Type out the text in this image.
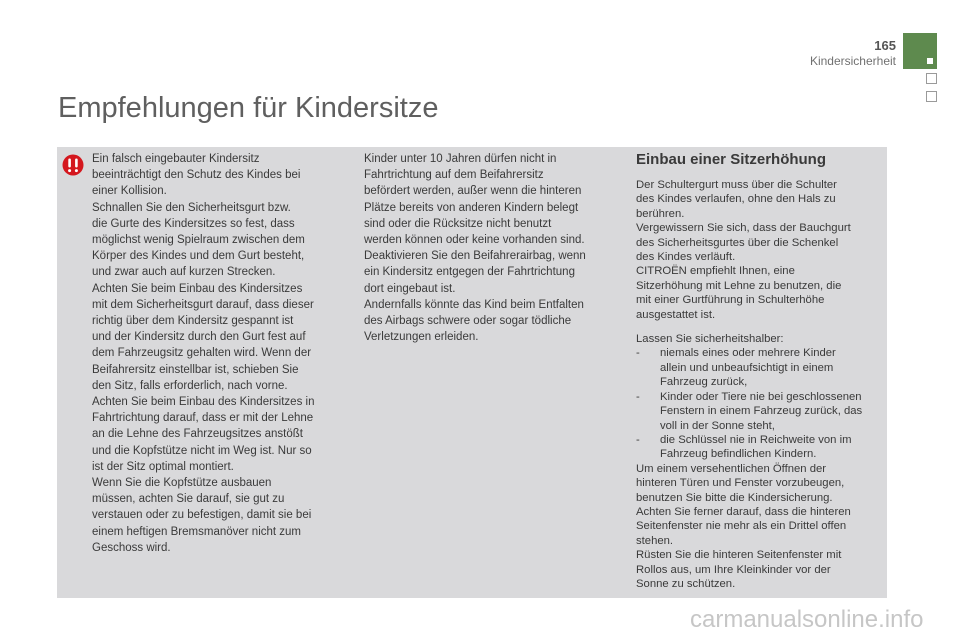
165
Kindersicherheit
Empfehlungen für Kindersitze

Ein falsch eingebauter Kindersitz

beeinträchtigt den Schutz des Kindes bei

einer Kollision.

Schnallen Sie den Sicherheitsgurt bzw.

die Gurte des Kindersitzes so fest, dass

möglichst wenig Spielraum zwischen dem

Körper des Kindes und dem Gurt besteht,

und zwar auch auf kurzen Strecken.

Achten Sie beim Einbau des Kindersitzes

mit dem Sicherheitsgurt darauf, dass dieser

richtig über dem Kindersitz gespannt ist

und der Kindersitz durch den Gurt fest auf

dem Fahrzeugsitz gehalten wird. Wenn der

Beifahrersitz einstellbar ist, schieben Sie

den Sitz, falls erforderlich, nach vorne.

Achten Sie beim Einbau des Kindersitzes in

Fahrtrichtung darauf, dass er mit der Lehne

an die Lehne des Fahrzeugsitzes anstößt

und die Kopfstütze nicht im Weg ist. Nur so

ist der Sitz optimal montiert.

Wenn Sie die Kopfstütze ausbauen

müssen, achten Sie darauf, sie gut zu

verstauen oder zu befestigen, damit sie bei

einem heftigen Bremsmanöver nicht zum

Geschoss wird.

Kinder unter 10 Jahren dürfen nicht in

Fahrtrichtung auf dem Beifahrersitz

befördert werden, außer wenn die hinteren

Plätze bereits von anderen Kindern belegt

sind oder die Rücksitze nicht benutzt

werden können oder keine vorhanden sind.

Deaktivieren Sie den Beifahrerairbag, wenn

ein Kindersitz entgegen der Fahrtrichtung

dort eingebaut ist.

Andernfalls könnte das Kind beim Entfalten

des Airbags schwere oder sogar tödliche

Verletzungen erleiden.

Einbau einer Sitzerhöhung

Der Schultergurt muss über die Schulter

des Kindes verlaufen, ohne den Hals zu

berühren.

Vergewissern Sie sich, dass der Bauchgurt

des Sicherheitsgurtes über die Schenkel

des Kindes verläuft.

CITROËN empfiehlt Ihnen, eine

Sitzerhöhung mit Lehne zu benutzen, die

mit einer Gurtführung in Schulterhöhe

ausgestattet ist.

Lassen Sie sicherheitshalber:

-	niemals eines oder mehrere Kinder
allein und unbeaufsichtigt in einem
Fahrzeug zurück,
-	Kinder oder Tiere nie bei geschlossenen
Fenstern in einem Fahrzeug zurück, das
voll in der Sonne steht,
-	die Schlüssel nie in Reichweite von im
Fahrzeug befindlichen Kindern.

Um einem versehentlichen Öffnen der

hinteren Türen und Fenster vorzubeugen,

benutzen Sie bitte die Kindersicherung.

Achten Sie ferner darauf, dass die hinteren

Seitenfenster nie mehr als ein Drittel offen

stehen.

Rüsten Sie die hinteren Seitenfenster mit

Rollos aus, um Ihre Kleinkinder vor der

Sonne zu schützen.

carmanualsonline.info
